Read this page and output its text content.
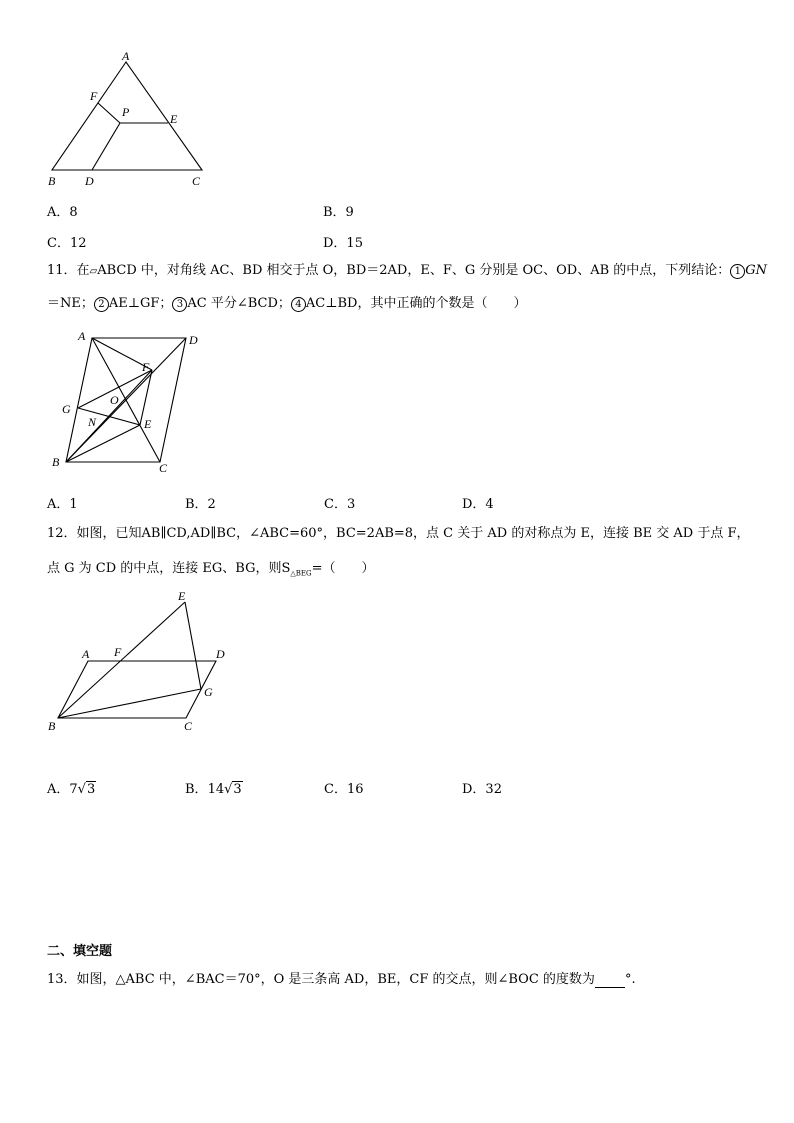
A
F
P	E
B D	C
A．8	B．9
C．12	D．15
11．在▱ABCD 中，对角线 AC、BD 相交于点 O，BD＝2AD，E、F、G 分别是 OC、OD、AB 的中点，下列结论： 1 GN
＝NE； 2 AE⊥GF； 3 AC 平分∠BCD； 4 AC⊥BD，其中正确的个数是（　　）
A	D
F
O
G
N	E
B	C
A．1	B．2	C．3	D．4
12．如图，已知AB∥CD,AD∥BC，∠ABC=60°，BC=2AB=8，点 C 关于 AD 的对称点为 E，连接 BE 交 AD 于点 F，
点 G 为 CD 的中点，连接 EG、BG，则$S_{\triangle BEG}=$（　　）
E
A F	D
G
B	C
A．7√3	B．14√3	C．16	D．32
二、填空题
13．如图，△ABC 中，∠BAC＝70°，O 是三条高 AD，BE，CF 的交点，则∠BOC 的度数为 °.
